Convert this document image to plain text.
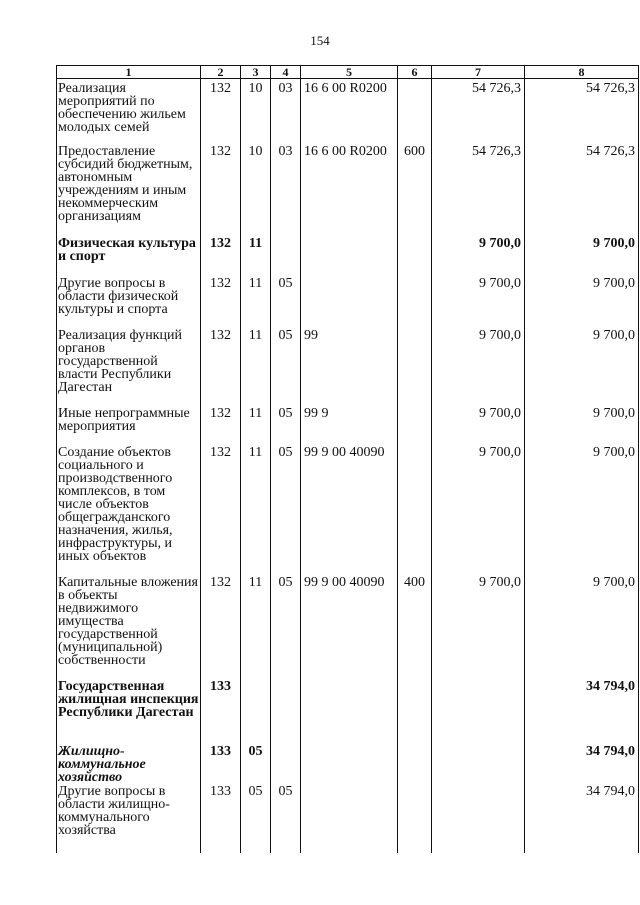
154
1	2	3	4	5	6	7	8
Реализация мероприятий по обеспечению жильем молодых семей	132	10	03	16 6 00 R0200		54 726,3	54 726,3
Предоставление субсидий бюджетным, автономным учреждениям и иным некоммерческим организациям	132	10	03	16 6 00 R0200	600	54 726,3	54 726,3
Физическая культура и спорт	132	11				9 700,0	9 700,0
Другие вопросы в области физической культуры и спорта	132	11	05			9 700,0	9 700,0
Реализация функций органов государственной власти Республики Дагестан	132	11	05	99		9 700,0	9 700,0
Иные непрограммные мероприятия	132	11	05	99 9		9 700,0	9 700,0
Создание объектов социального и производственного комплексов, в том числе объектов общегражданского назначения, жилья, инфраструктуры, и иных объектов	132	11	05	99 9 00 40090		9 700,0	9 700,0
Капитальные вложения в объекты недвижимого имущества государственной (муниципальной) собственности	132	11	05	99 9 00 40090	400	9 700,0	9 700,0
Государственная жилищная инспекция Республики Дагестан	133						34 794,0
Жилищно-коммунальное хозяйство	133	05					34 794,0
Другие вопросы в области жилищно-коммунального хозяйства	133	05	05				34 794,0
